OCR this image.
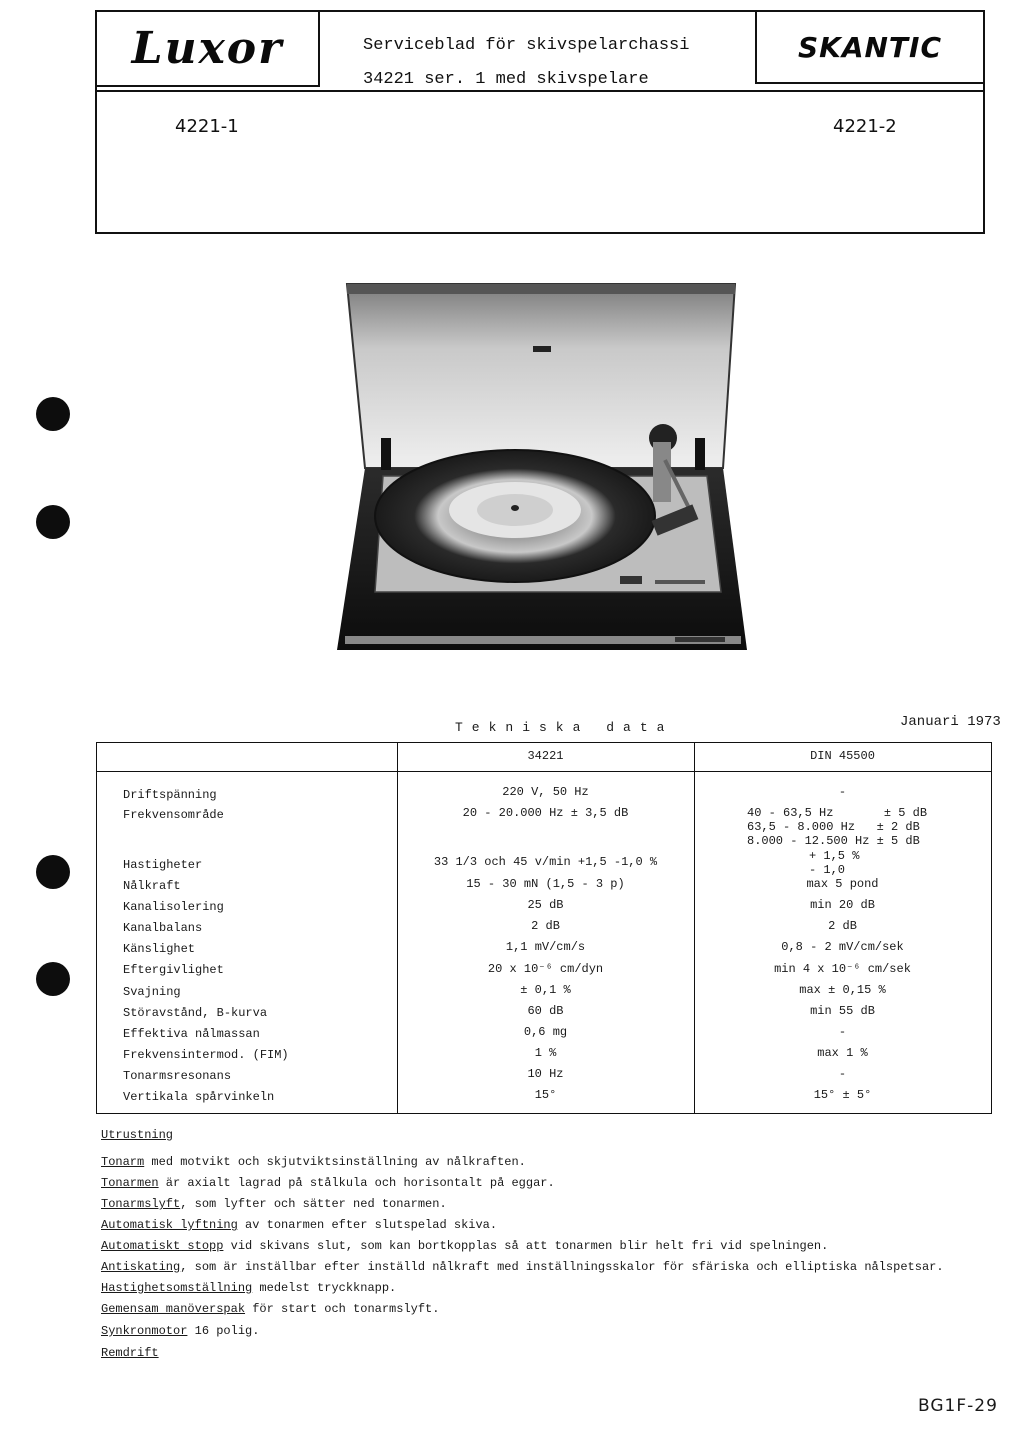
Luxor	SKANTIC
Serviceblad för skivspelarchassi
34221 ser. 1 med skivspelare
4221-1	4221-2
Tekniska data	Januari 1973
34221	DIN 45500
Driftspänning	220 V, 50 Hz	-
Frekvensområde	20 - 20.000 Hz ± 3,5 dB	40 - 63,5 Hz       ± 5 dB
63,5 - 8.000 Hz   ± 2 dB
8.000 - 12.500 Hz ± 5 dB
Hastigheter	33 1/3 och 45 v/min +1,5 -1,0 %	+ 1,5 %
- 1,0
Nålkraft	15 - 30 mN (1,5 - 3 p)	max 5 pond
Kanalisolering	25 dB	min 20 dB
Kanalbalans	2 dB	2 dB
Känslighet	1,1 mV/cm/s	0,8 - 2 mV/cm/sek
Eftergivlighet	20 x 10⁻⁶ cm/dyn	min 4 x 10⁻⁶ cm/sek
Svajning	± 0,1 %	max ± 0,15 %
Störavstånd, B-kurva	60 dB	min 55 dB
Effektiva nålmassan	0,6 mg	-
Frekvensintermod. (FIM)	1 %	max 1 %
Tonarmsresonans	10 Hz	-
Vertikala spårvinkeln	15°	15° ± 5°
Utrustning
Tonarm med motvikt och skjutviktsinställning av nålkraften.
Tonarmen är axialt lagrad på stålkula och horisontalt på eggar.
Tonarmslyft, som lyfter och sätter ned tonarmen.
Automatisk lyftning av tonarmen efter slutspelad skiva.
Automatiskt stopp vid skivans slut, som kan bortkopplas så att tonarmen blir helt fri vid spelningen.
Antiskating, som är inställbar efter inställd nålkraft med inställningsskalor för sfäriska och elliptiska nålspetsar.
Hastighetsomställning medelst tryckknapp.
Gemensam manöverspak för start och tonarmslyft.
Synkronmotor 16 polig.
Remdrift
BG1F-29
